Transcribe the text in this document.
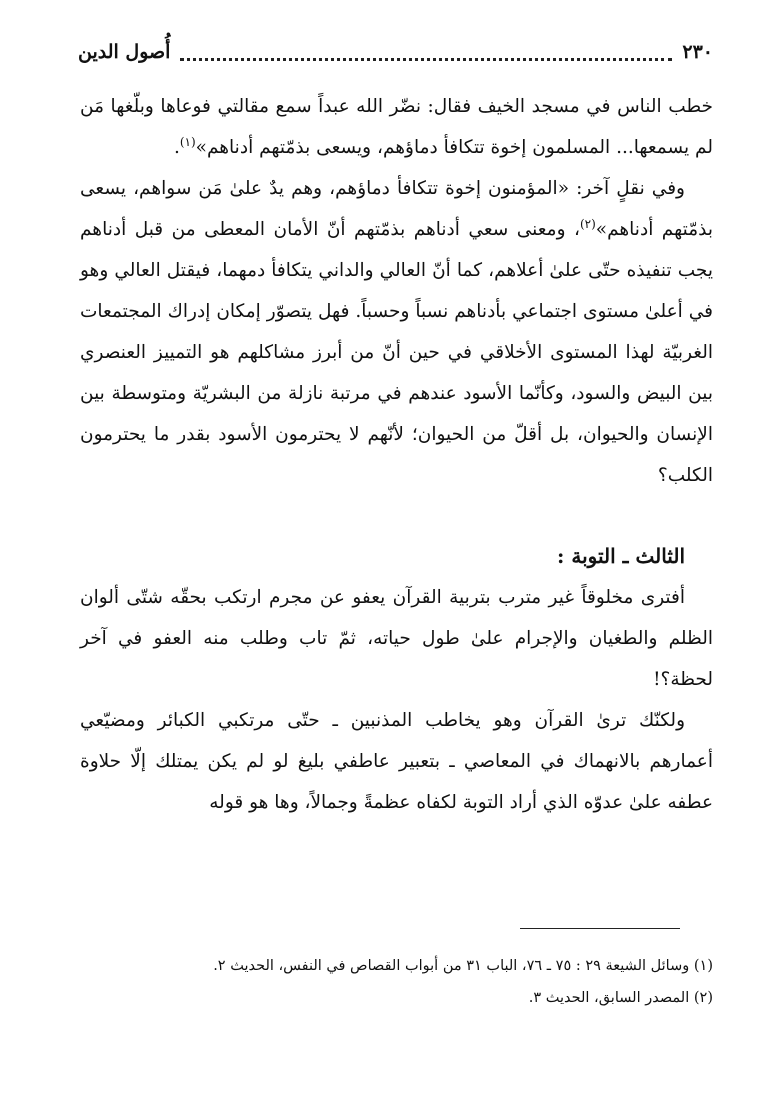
٢٣٠
أُصول الدين

خطب الناس في مسجد الخيف فقال: نضّر الله عبداً سمع مقالتي فوعاها وبلّغها مَن لم يسمعها... المسلمون إخوة تتكافأ دماؤهم، ويسعى بذمّتهم أدناهم»$^{(١)}$.

وفي نقلٍ آخر: «المؤمنون إخوة تتكافأ دماؤهم، وهم يدٌ علىٰ مَن سواهم، يسعى بذمّتهم أدناهم»$^{(٢)}$، ومعنى سعي أدناهم بذمّتهم أنّ الأمان المعطى من قبل أدناهم يجب تنفيذه حتّى علىٰ أعلاهم، كما أنّ العالي والداني يتكافأ دمهما، فيقتل العالي وهو في أعلىٰ مستوى اجتماعي بأدناهم نسباً وحسباً. فهل يتصوّر إمكان إدراك المجتمعات الغربيّة لهذا المستوى الأخلاقي في حين أنّ من أبرز مشاكلهم هو التمييز العنصري بين البيض والسود، وكأنّما الأسود عندهم في مرتبة نازلة من البشريّة ومتوسطة بين الإنسان والحيوان، بل أقلّ من الحيوان؛ لأنّهم لا يحترمون الأسود بقدر ما يحترمون الكلب؟

الثالث ـ التوبة :

أفترى مخلوقاً غير مترب بتربية القرآن يعفو عن مجرم ارتكب بحقّه شتّى ألوان الظلم والطغيان والإجرام علىٰ طول حياته، ثمّ تاب وطلب منه العفو في آخر لحظة؟!

ولكنّك ترىٰ القرآن وهو يخاطب المذنبين ـ حتّى مرتكبي الكبائر ومضيّعي أعمارهم بالانهماك في المعاصي ـ بتعبير عاطفي بليغ لو لم يكن يمتلك إلّا حلاوة عطفه علىٰ عدوّه الذي أراد التوبة لكفاه عظمةً وجمالاً، وها هو قوله

(١) وسائل الشيعة ٢٩ : ٧٥ ـ ٧٦، الباب ٣١ من أبواب القصاص في النفس، الحديث ٢.

(٢) المصدر السابق، الحديث ٣.
